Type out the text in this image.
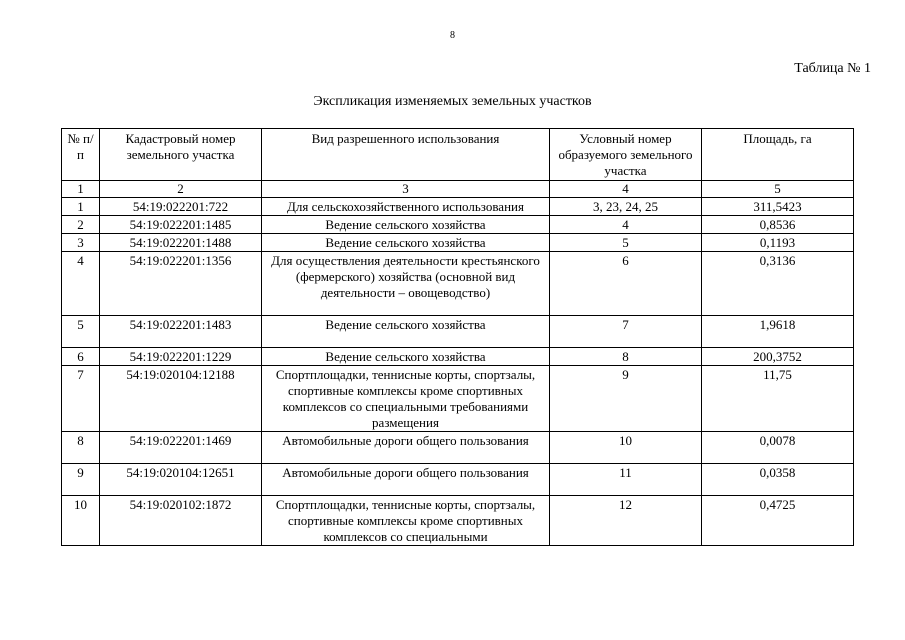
8
Таблица № 1
Экспликация изменяемых земельных участков
№ п/п	Кадастровый номер земельного участка	Вид разрешенного использования	Условный номер образуемого земельного участка	Площадь, га
1	2	3	4	5
1	54:19:022201:722	Для сельскохозяйственного использования	3, 23, 24, 25	311,5423
2	54:19:022201:1485	Ведение сельского хозяйства	4	0,8536
3	54:19:022201:1488	Ведение сельского хозяйства	5	0,1193
4	54:19:022201:1356	Для осуществления деятельности крестьянского (фермерского) хозяйства (основной вид деятельности – овощеводство)	6	0,3136
5	54:19:022201:1483	Ведение сельского хозяйства	7	1,9618
6	54:19:022201:1229	Ведение сельского хозяйства	8	200,3752
7	54:19:020104:12188	Спортплощадки, теннисные корты, спортзалы, спортивные комплексы кроме спортивных комплексов со специальными требованиями размещения	9	11,75
8	54:19:022201:1469	Автомобильные дороги общего пользования	10	0,0078
9	54:19:020104:12651	Автомобильные дороги общего пользования	11	0,0358
10	54:19:020102:1872	Спортплощадки, теннисные корты, спортзалы, спортивные комплексы кроме спортивных комплексов со специальными	12	0,4725
